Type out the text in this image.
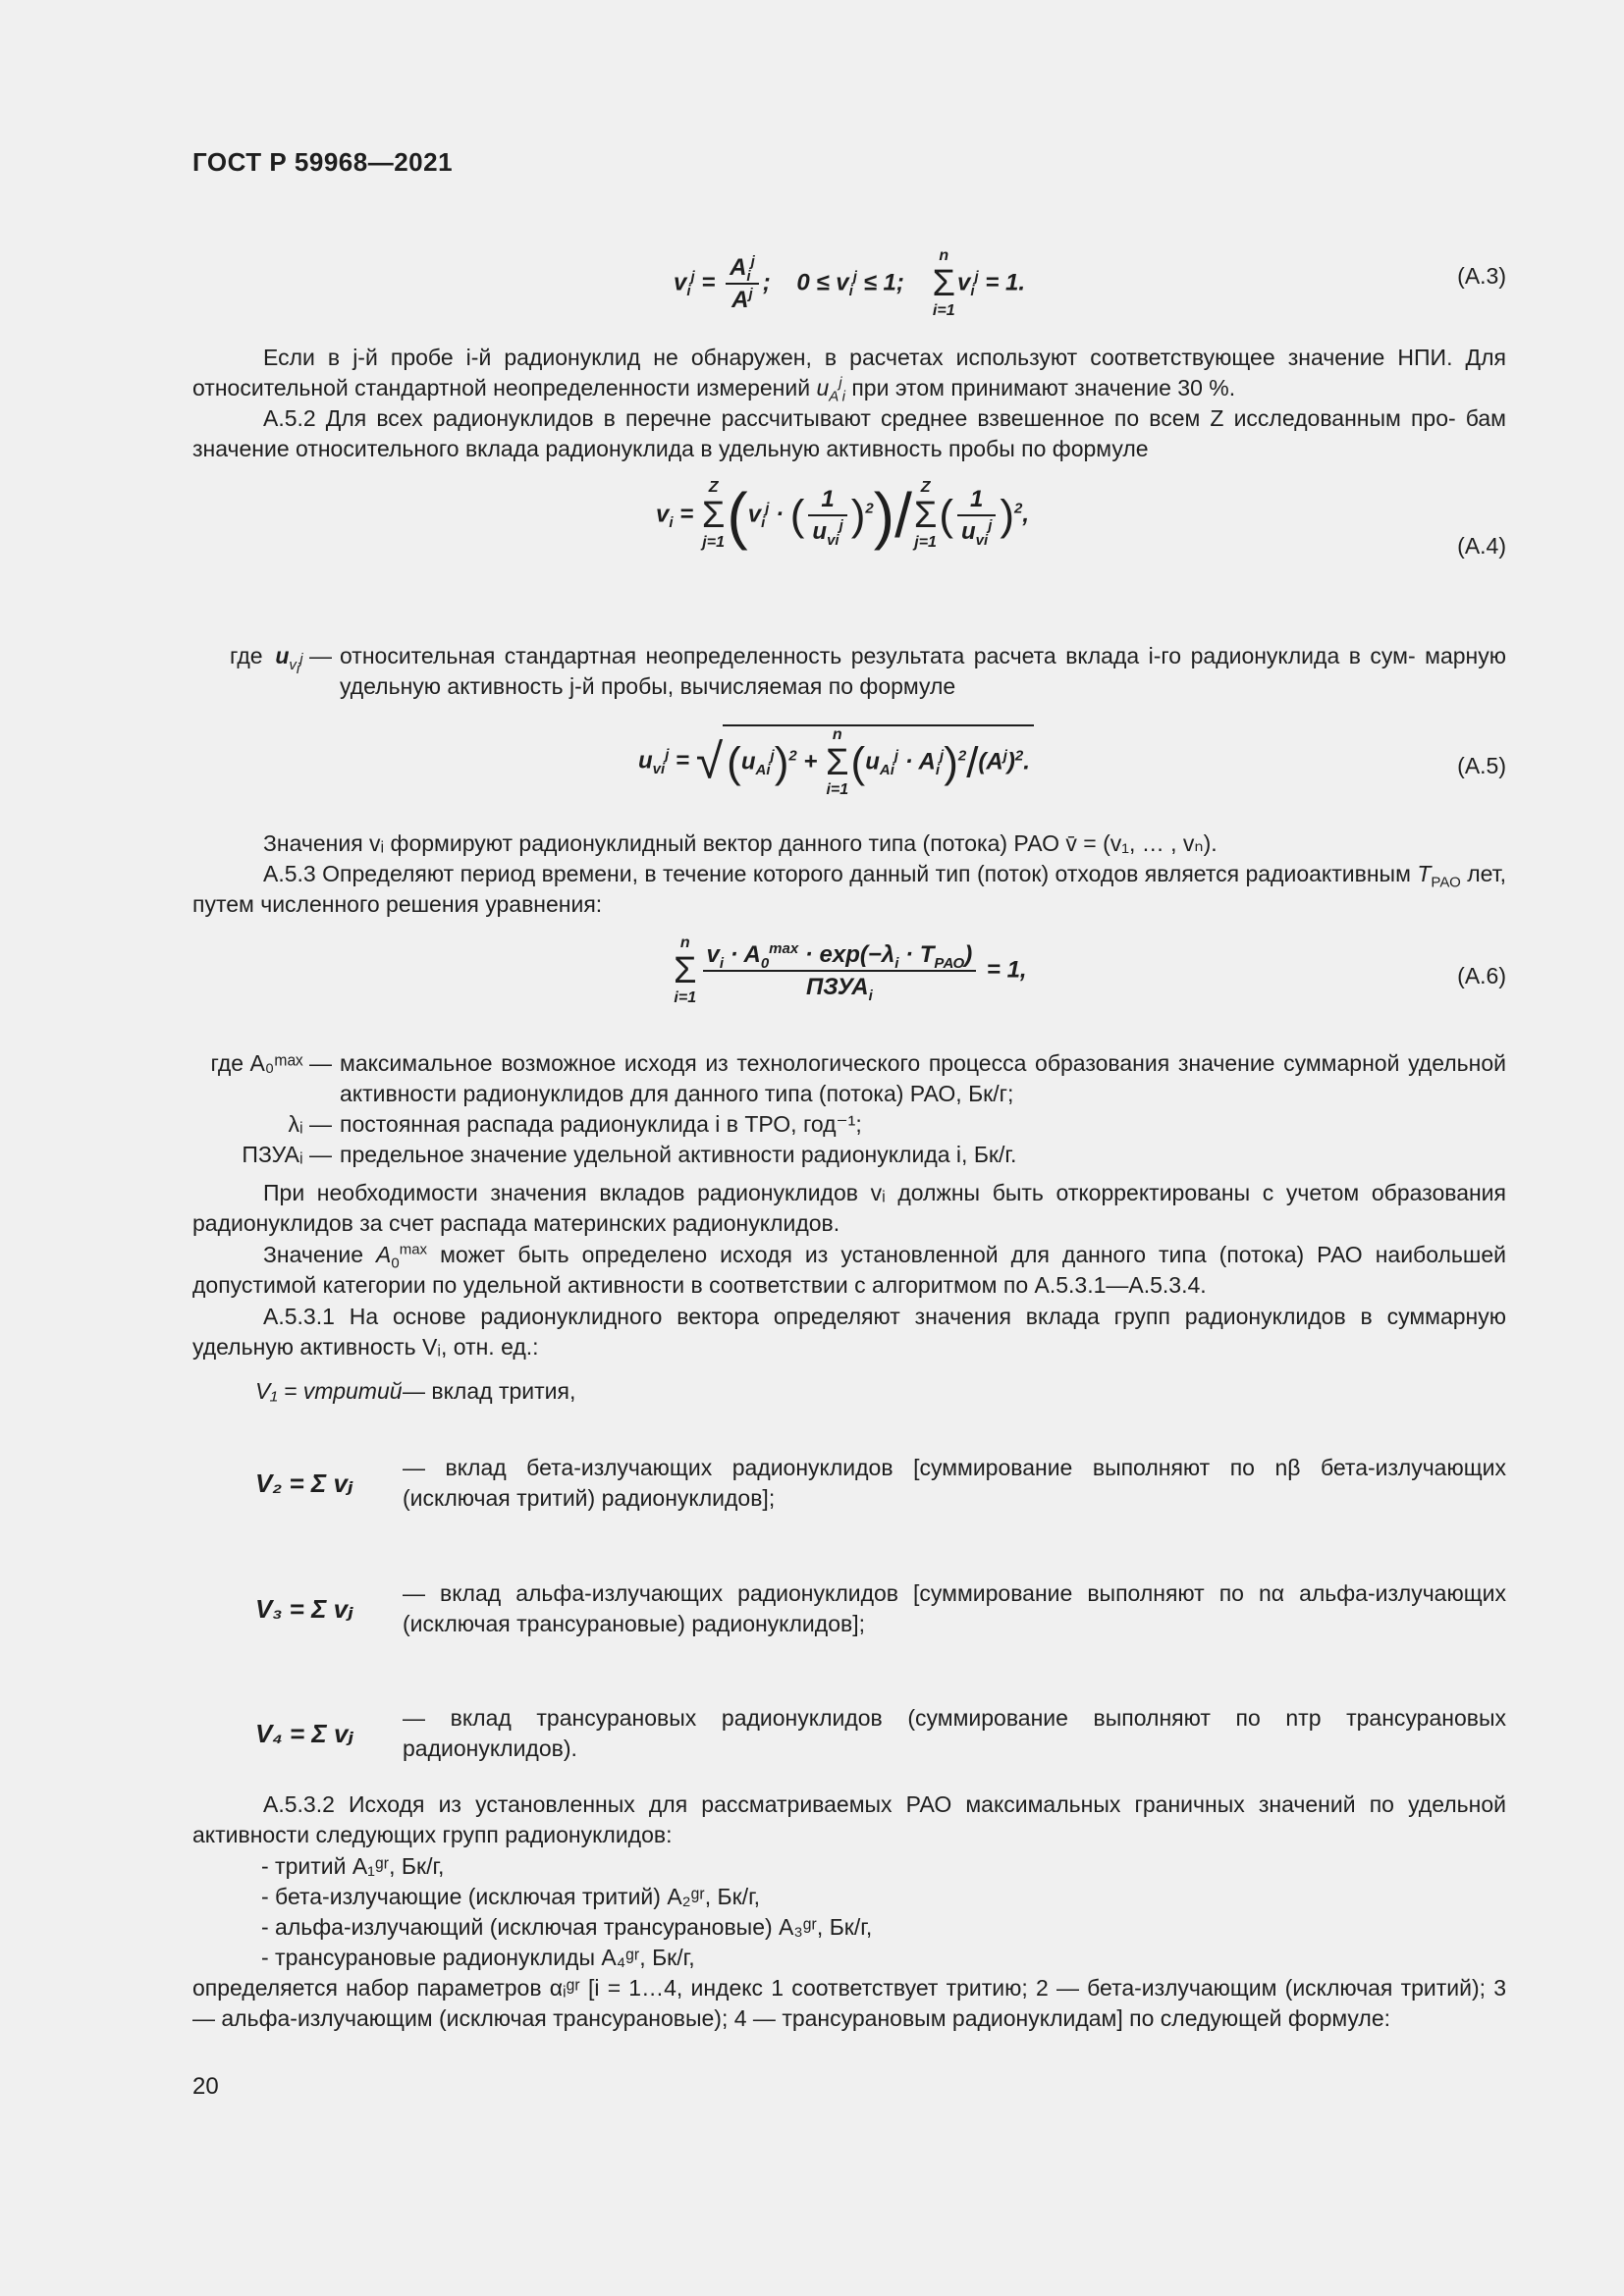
ГОСТ Р 59968—2021
$v_i^j = \frac{A_i^j}{A^j}$ ;    $0 \le v_i^j \le 1$;
n
Σ
i=1
$v_i^j = 1$.	(А.3)
Если в j-й пробе i-й радионуклид не обнаружен, в расчетах используют соответствующее значение НПИ. Для относительной стандартной неопределенности измерений $u_A^j_i$ при этом принимают значение 30 %.
А.5.2 Для всех радионуклидов в перечне рассчитывают среднее взвешенное по всем Z исследованным про- бам значение относительного вклада радионуклида в удельную активность пробы по формуле
$v_i$ =
Z
Σ
j=1 ($v_i^j$ · ( $\frac{1}{u_{vi}^j} )^2)/$ Z
Σ
j=1
( $\frac{1}{u_{vi}^j} )^2$,
(А.4)
где $u_{v_i^j}$ — относительная стандартная неопределенность результата расчета вклада i-го радионуклида в сум- марную удельную активность j-й пробы, вычисляемая по формуле
$u_{vi}^j = √(u_{Ai}^j)^2$ +
n
Σ
i=1
$(u_{Ai}^j \cdot A_i^j)^2/(A^j)^2$.	(А.5)
Значения vᵢ формируют радионуклидный вектор данного типа (потока) РАО v̄ = (v₁, … , vₙ).
А.5.3 Определяют период времени, в течение которого данный тип (поток) отходов является радиоактивным $T_{РАО}$ лет, путем численного решения уравнения:
n
Σ
$i=1 \frac{v_i \cdot A_0^{max} \cdot \exp(-\lambda_i \cdot T_{РАО})}{ПЗУА_i} = 1$,	(А.6)
где A₀ᵐᵃˣ — максимальное возможное исходя из технологического процесса образования значение суммарной удельной активности радионуклидов для данного типа (потока) РАО, Бк/г;
λᵢ — постоянная распада радионуклида i в ТРО, год⁻¹;
ПЗУАᵢ — предельное значение удельной активности радионуклида i, Бк/г.
При необходимости значения вкладов радионуклидов vᵢ должны быть откорректированы с учетом образования радионуклидов за счет распада материнских радионуклидов.
Значение $A_0^{max}$ может быть определено исходя из установленной для данного типа (потока) РАО наибольшей допустимой категории по удельной активности в соответствии с алгоритмом по А.5.3.1—А.5.3.4.
А.5.3.1 На основе радионуклидного вектора определяют значения вклада групп радионуклидов в суммарную удельную активность Vᵢ, отн. ед.:
V₁ = vтритий — вклад трития,
V₂ = Σ vⱼ
— вклад бета-излучающих радионуклидов [суммирование выполняют по nβ бета-излучающих (исключая тритий) радионуклидов];
V₃ = Σ vⱼ
— вклад альфа-излучающих радионуклидов [суммирование выполняют по nα альфа-излучающих (исключая трансурановые) радионуклидов];
V₄ = Σ vⱼ
— вклад трансурановых радионуклидов (суммирование выполняют по nтр трансурановых радионуклидов).
А.5.3.2 Исходя из установленных для рассматриваемых РАО максимальных граничных значений по удельной активности следующих групп радионуклидов:
- тритий A₁ᵍʳ, Бк/г,
- бета-излучающие (исключая тритий) A₂ᵍʳ, Бк/г,
- альфа-излучающий (исключая трансурановые) A₃ᵍʳ, Бк/г,
- трансурановые радионуклиды A₄ᵍʳ, Бк/г,
определяется набор параметров αᵢᵍʳ [i = 1…4, индекс 1 соответствует тритию; 2 — бета-излучающим (исключая тритий); 3 — альфа-излучающим (исключая трансурановые); 4 — трансурановым радионуклидам] по следующей формуле:
20
